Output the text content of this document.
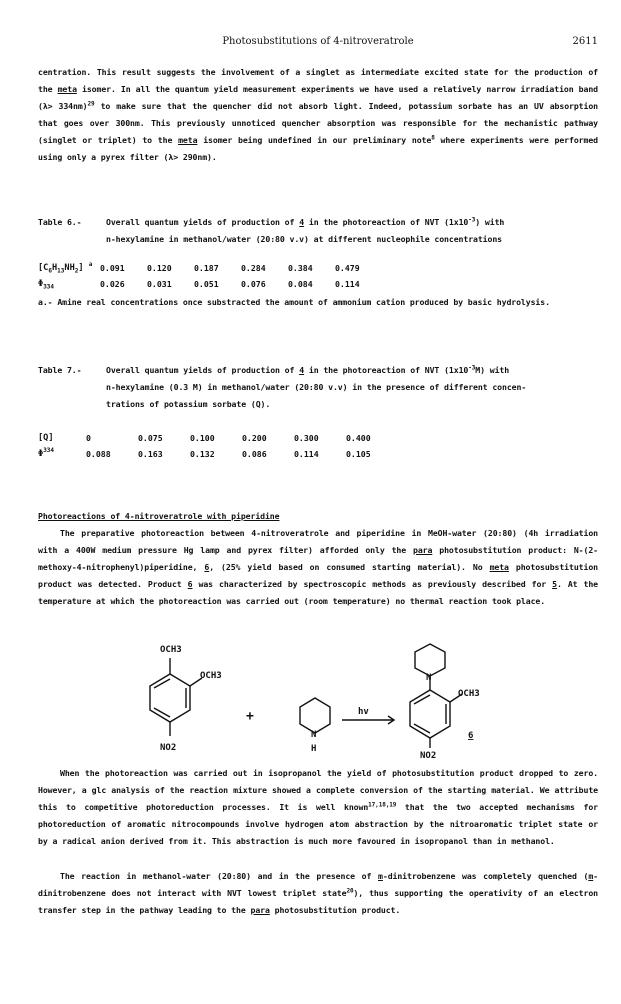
Photosubstitutions of 4-nitroveratrole	2611
centration. This result suggests the involvement of a singlet as intermediate excited state for the production of the meta isomer. In all the quantum yield measurement experiments we have used a relatively narrow irradiation band (λ> 334nm)$^{29}$ to make sure that the quencher did not absorb light. Indeed, potassium sorbate has an UV absorption that goes over 300nm. This previously unnoticed quencher absorption was responsible for the mechanistic pathway (singlet or triplet) to the meta isomer being undefined in our preliminary note$^8$ where experiments were performed using only a pyrex filter (λ> 290nm).
Table 6.-	Overall quantum yields of production of 4 in the photoreaction of NVT $(1x10^{-3})$ with
n-hexylamine in methanol/water (20:80 v.v) at different nucleophile concentrations
$[C_6H_{13}NH_2]$ $^a$	0.091	0.120	0.187	0.284	0.384	0.479
$\Phi_{334}$	0.026	0.031	0.051	0.076	0.084	0.114
a.- Amine real concentrations once substracted the amount of ammonium cation produced by basic hydrolysis.
Table 7.-	Overall quantum yields of production of 4 in the photoreaction of NVT $(1x10^{-3}M)$ with
n-hexylamine (0.3 M) in methanol/water (20:80 v.v) in the presence of different concen-
trations of potassium sorbate (Q).
[Q]	0	0.075	0.100	0.200	0.300	0.400
$\Phi^{334}$	0.088	0.163	0.132	0.086	0.114	0.105
Photoreactions of 4-nitroveratrole with piperidine
The preparative photoreaction between 4-nitroveratrole and piperidine in MeOH-water (20:80) (4h irradiation with a 400W medium pressure Hg lamp and pyrex filter) afforded only the para photosubstitution product: N-(2-methoxy-4-nitrophenyl)piperidine, 6, (25% yield based on consumed starting material). No meta photosubstitution product was detected. Product 6 was characterized by spectroscopic methods as previously described for 5. At the temperature at which the photoreaction was carried out (room temperature) no thermal reaction took place.
OCH3
OCH3
NO2
+
N
H
hv
N
OCH3
NO2
6
When the photoreaction was carried out in isopropanol the yield of photosubstitution product dropped to zero. However, a glc analysis of the reaction mixture showed a complete conversion of the starting material. We attribute this to competitive photoreduction processes. It is well known$^{17,18,19}$ that the two accepted mechanisms for photoreduction of aromatic nitrocompounds involve hydrogen atom abstraction by the nitroaromatic triplet state or by a radical anion derived from it. This abstraction is much more favoured in isopropanol than in methanol.
The reaction in methanol-water (20:80) and in the presence of m-dinitrobenzene was completely quenched (m-dinitrobenzene does not interact with NVT lowest triplet state$^{20}$), thus supporting the operativity of an electron transfer step in the pathway leading to the para photosubstitution product.
